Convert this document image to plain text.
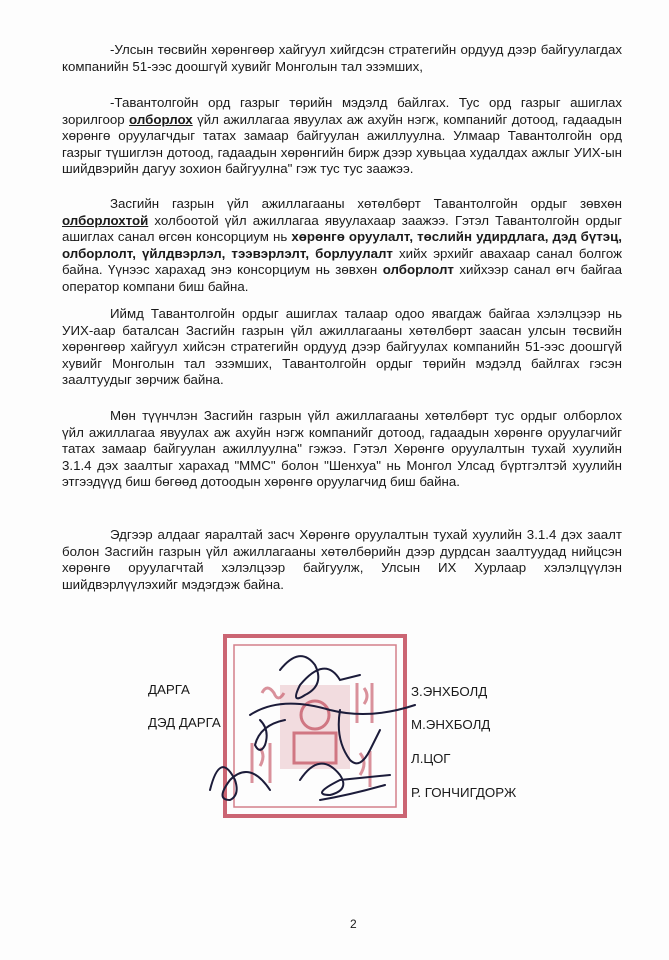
-Улсын төсвийн хөрөнгөөр хайгуул хийгдсэн стратегийн ордууд дээр байгуулагдах компанийн 51-ээс доошгүй хувийг Монголын тал эзэмших,

-Тавантолгойн орд газрыг төрийн мэдэлд байлгах. Тус орд газрыг ашиглах зорилгоор олборлох үйл ажиллагаа явуулах аж ахуйн нэгж, компанийг дотоод, гадаадын хөрөнгө оруулагчдыг татах замаар байгуулан ажиллуулна. Улмаар Тавантолгойн орд газрыг түшиглэн дотоод, гадаадын хөрөнгийн бирж дээр хувьцаа худалдах ажлыг УИХ-ын шийдвэрийн дагуу зохион байгуулна" гэж тус тус заажээ.

Засгийн газрын үйл ажиллагааны хөтөлбөрт Тавантолгойн ордыг зөвхөн олборлохтой холбоотой үйл ажиллагаа явуулахаар заажээ. Гэтэл Тавантолгойн ордыг ашиглах санал өгсөн консорциум нь хөрөнгө оруулалт, төслийн удирдлага, дэд бүтэц, олборлолт, үйлдвэрлэл, тээвэрлэлт, борлуулалт хийх эрхийг авахаар санал болгож байна. Үүнээс харахад энэ консорциум нь зөвхөн олборлолт хийхээр санал өгч байгаа оператор компани биш байна.

Иймд Тавантолгойн ордыг ашиглах талаар одоо явагдаж байгаа хэлэлцээр нь УИХ-аар баталсан Засгийн газрын үйл ажиллагааны хөтөлбөрт заасан улсын төсвийн хөрөнгөөр хайгуул хийсэн стратегийн ордууд дээр байгуулах компанийн 51-ээс доошгүй хувийг Монголын тал эзэмших, Тавантолгойн ордыг төрийн мэдэлд байлгах гэсэн заалтуудыг зөрчиж байна.

Мөн түүнчлэн Засгийн газрын үйл ажиллагааны хөтөлбөрт тус ордыг олборлох үйл ажиллагаа явуулах аж ахуйн нэгж компанийг дотоод, гадаадын хөрөнгө оруулагчийг татах замаар байгуулан ажиллуулна" гэжээ. Гэтэл Хөрөнгө оруулалтын тухай хуулийн 3.1.4 дэх заалтыг харахад "ММС" болон "Шенхуа" нь Монгол Улсад бүртгэлтэй хуулийн этгээдүүд биш бөгөөд дотоодын хөрөнгө оруулагчид биш байна.

Эдгээр алдааг яаралтай засч Хөрөнгө оруулалтын тухай хуулийн 3.1.4 дэх заалт болон Засгийн газрын үйл ажиллагааны хөтөлбөрийн дээр дурдсан заалтуудад нийцсэн хөрөнгө оруулагчтай хэлэлцээр байгуулж, Улсын ИХ Хурлаар хэлэлцүүлэн шийдвэрлүүлэхийг мэдэгдэж байна.

ДАРГА
ДЭД ДАРГА
З.ЭНХБОЛД
М.ЭНХБОЛД
Л.ЦОГ
Р. ГОНЧИГДОРЖ
2
